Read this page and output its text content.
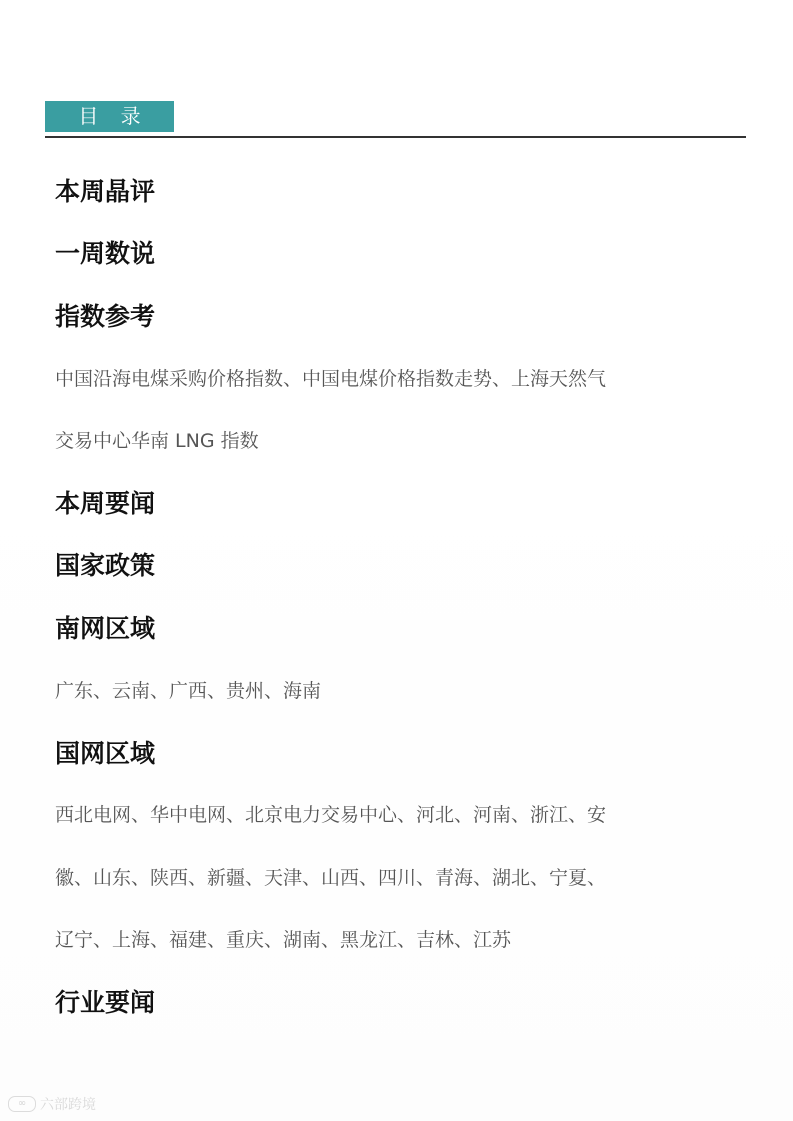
目 录
本周晶评
一周数说
指数参考
中国沿海电煤采购价格指数、中国电煤价格指数走势、上海天然气
交易中心华南 LNG 指数
本周要闻
国家政策
南网区域
广东、云南、广西、贵州、海南
国网区域
西北电网、华中电网、北京电力交易中心、河北、河南、浙江、安
徽、山东、陕西、新疆、天津、山西、四川、青海、湖北、宁夏、
辽宁、上海、福建、重庆、湖南、黑龙江、吉林、江苏
行业要闻
∞ 六部跨境
